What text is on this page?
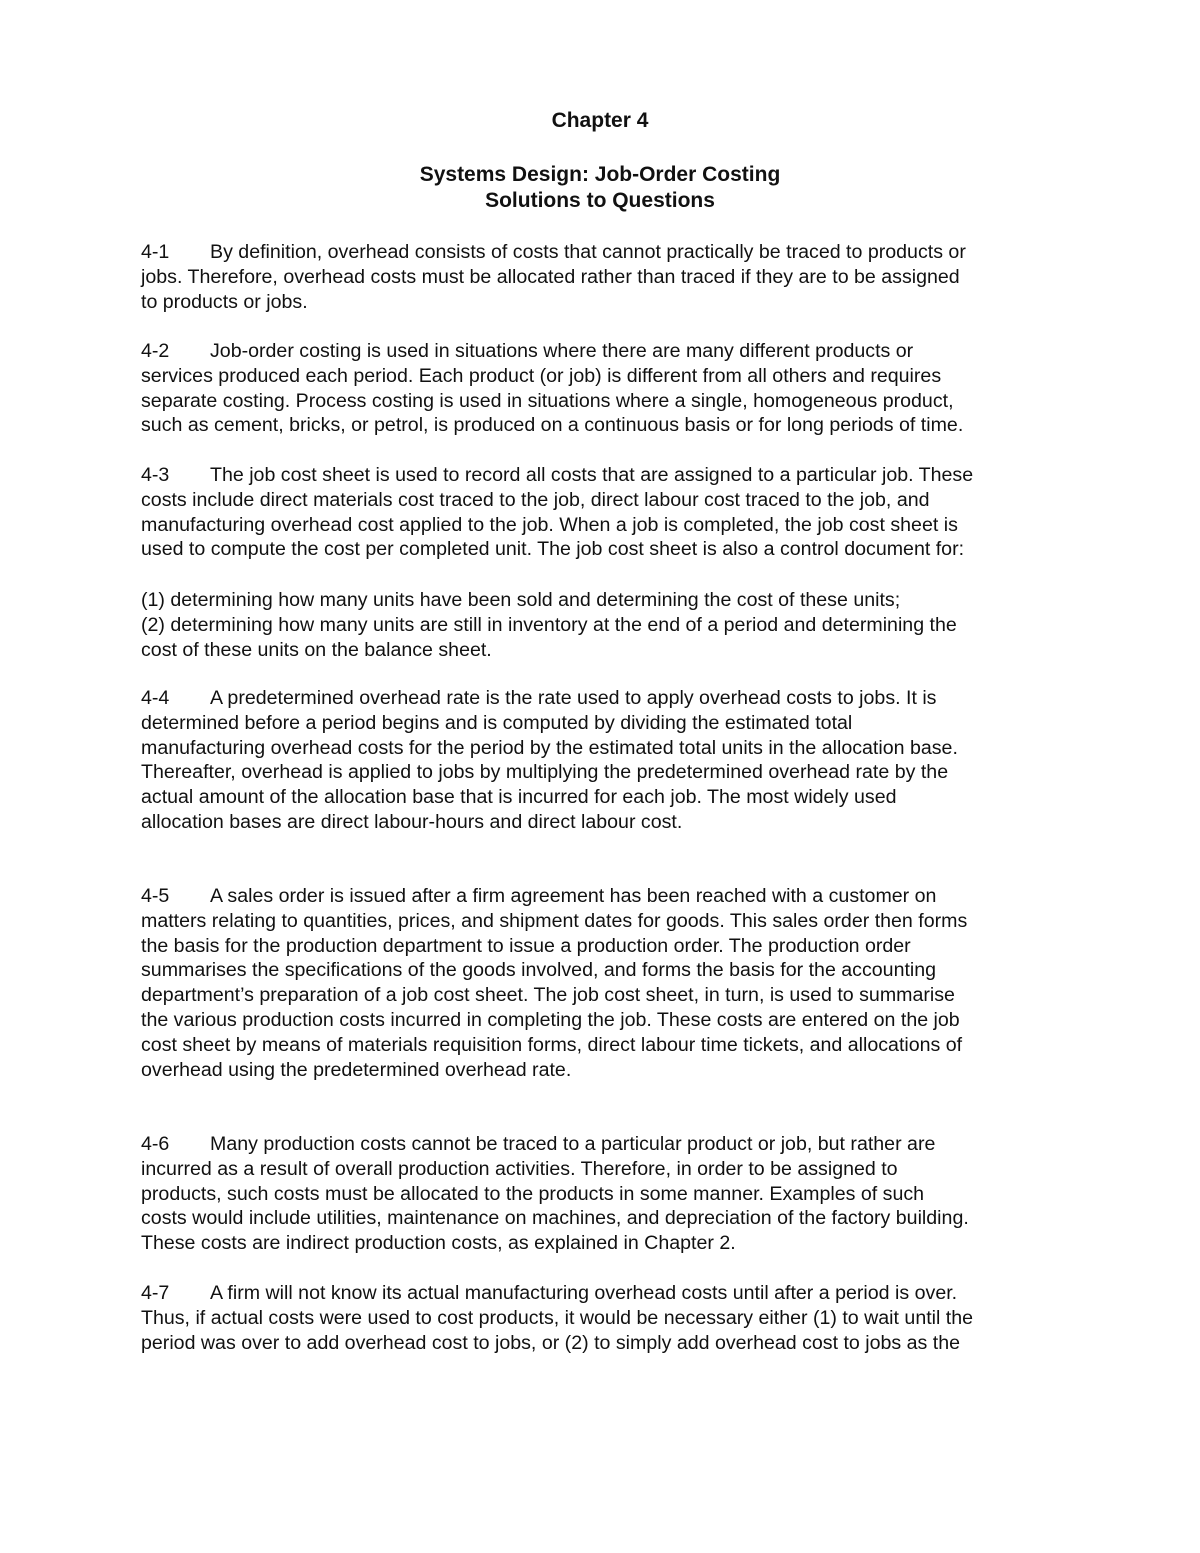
Chapter 4
Systems Design: Job-Order Costing
Solutions to Questions
4-1 By definition, overhead consists of costs that cannot practically be traced to products or
jobs. Therefore, overhead costs must be allocated rather than traced if they are to be assigned
to products or jobs.
4-2 Job-order costing is used in situations where there are many different products or
services produced each period. Each product (or job) is different from all others and requires
separate costing. Process costing is used in situations where a single, homogeneous product,
such as cement, bricks, or petrol, is produced on a continuous basis or for long periods of time.
4-3 The job cost sheet is used to record all costs that are assigned to a particular job. These
costs include direct materials cost traced to the job, direct labour cost traced to the job, and
manufacturing overhead cost applied to the job. When a job is completed, the job cost sheet is
used to compute the cost per completed unit. The job cost sheet is also a control document for:
(1) determining how many units have been sold and determining the cost of these units;
(2) determining how many units are still in inventory at the end of a period and determining the
cost of these units on the balance sheet.
4-4 A predetermined overhead rate is the rate used to apply overhead costs to jobs. It is
determined before a period begins and is computed by dividing the estimated total
manufacturing overhead costs for the period by the estimated total units in the allocation base.
Thereafter, overhead is applied to jobs by multiplying the predetermined overhead rate by the
actual amount of the allocation base that is incurred for each job. The most widely used
allocation bases are direct labour-hours and direct labour cost.
4-5 A sales order is issued after a firm agreement has been reached with a customer on
matters relating to quantities, prices, and shipment dates for goods. This sales order then forms
the basis for the production department to issue a production order. The production order
summarises the specifications of the goods involved, and forms the basis for the accounting
department’s preparation of a job cost sheet. The job cost sheet, in turn, is used to summarise
the various production costs incurred in completing the job. These costs are entered on the job
cost sheet by means of materials requisition forms, direct labour time tickets, and allocations of
overhead using the predetermined overhead rate.
4-6 Many production costs cannot be traced to a particular product or job, but rather are
incurred as a result of overall production activities. Therefore, in order to be assigned to
products, such costs must be allocated to the products in some manner. Examples of such
costs would include utilities, maintenance on machines, and depreciation of the factory building.
These costs are indirect production costs, as explained in Chapter 2.
4-7 A firm will not know its actual manufacturing overhead costs until after a period is over.
Thus, if actual costs were used to cost products, it would be necessary either (1) to wait until the
period was over to add overhead cost to jobs, or (2) to simply add overhead cost to jobs as the
